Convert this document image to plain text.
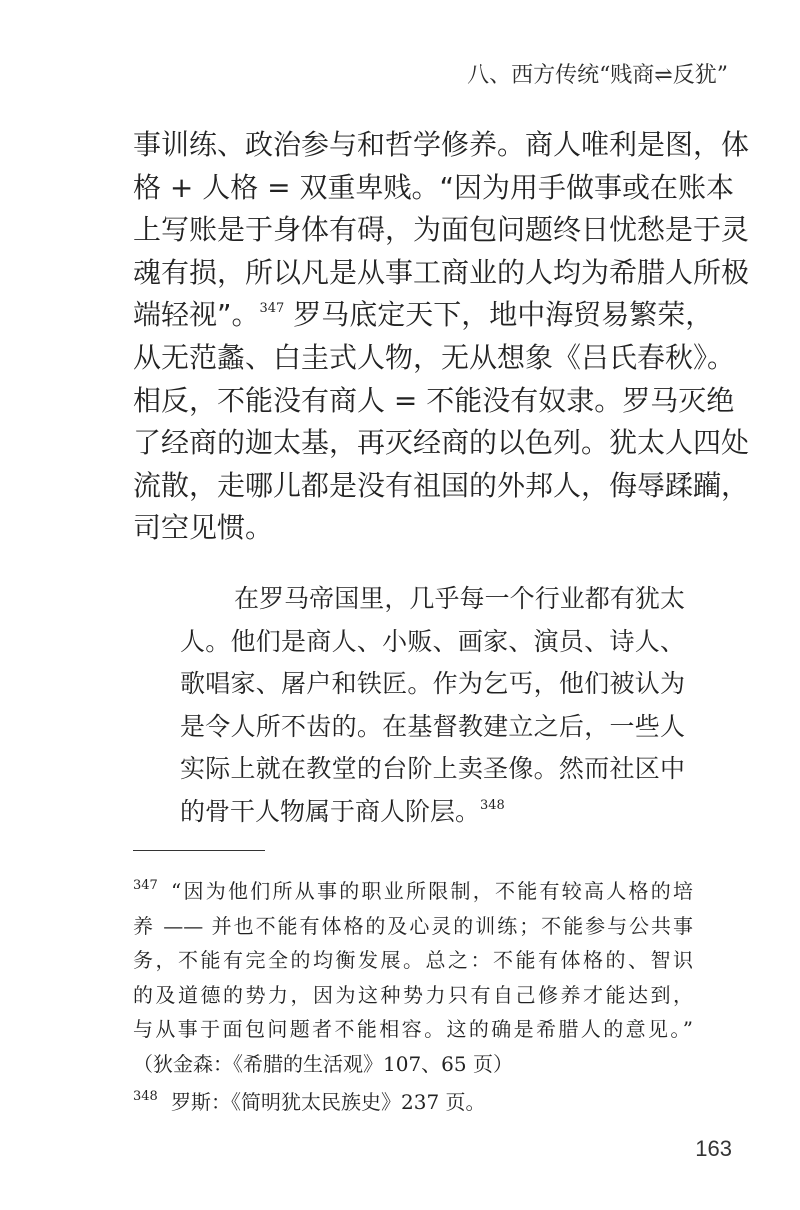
八、西方传统“贱商⇌反犹”
事训练、政治参与和哲学修养。商人唯利是图，体
格 + 人格 = 双重卑贱。“因为用手做事或在账本
上写账是于身体有碍，为面包问题终日忧愁是于灵
魂有损，所以凡是从事工商业的人均为希腊人所极
端轻视”。$^{347}$ 罗马底定天下，地中海贸易繁荣，
从无范蠡、白圭式人物，无从想象《吕氏春秋》。
相反，不能没有商人 = 不能没有奴隶。罗马灭绝
了经商的迦太基，再灭经商的以色列。犹太人四处
流散，走哪儿都是没有祖国的外邦人，侮辱蹂躏，
司空见惯。
在罗马帝国里，几乎每一个行业都有犹太
人。他们是商人、小贩、画家、演员、诗人、
歌唱家、屠户和铁匠。作为乞丐，他们被认为
是令人所不齿的。在基督教建立之后，一些人
实际上就在教堂的台阶上卖圣像。然而社区中
的骨干人物属于商人阶层。$^{348}$
347 “因为他们所从事的职业所限制，不能有较高人格的培
养 —— 并也不能有体格的及心灵的训练；不能参与公共事
务，不能有完全的均衡发展。总之：不能有体格的、智识
的及道德的势力，因为这种势力只有自己修养才能达到，
与从事于面包问题者不能相容。这的确是希腊人的意见。”
（狄金森：《希腊的生活观》107、65 页）
348 罗斯：《简明犹太民族史》237 页。
163
